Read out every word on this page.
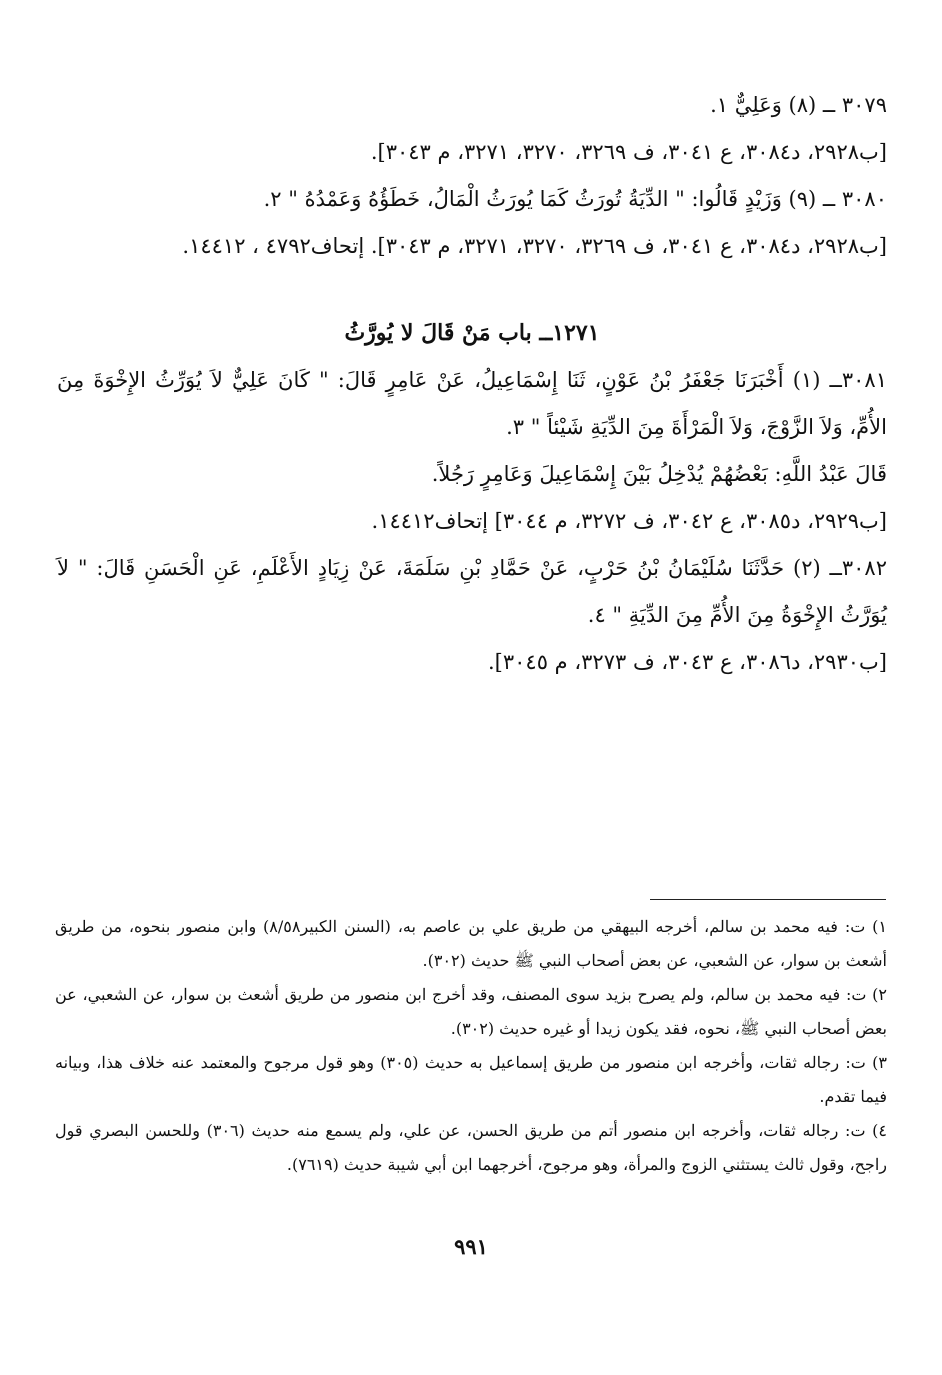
٣٠٧٩ ــ (٨) وَعَلِيٌّ ١.

[ب٢٩٢٨، د٣٠٨٤، ع ٣٠٤١، ف ٣٢٦٩، ٣٢٧٠، ٣٢٧١، م ٣٠٤٣].

٣٠٨٠ ــ (٩) وَزَيْدٍ قَالُوا: " الدِّيَةُ تُورَثُ كَمَا يُورَثُ الْمَالُ، خَطَؤُهُ وَعَمْدُهُ " ٢.

[ب٢٩٢٨، د٣٠٨٤، ع ٣٠٤١، ف ٣٢٦٩، ٣٢٧٠، ٣٢٧١، م ٣٠٤٣]. إتحاف٤٧٩٢ ، ١٤٤١٢.

١٢٧١ــ باب مَنْ قَالَ لا يُورَّثُ

٣٠٨١ــ (١) أَخْبَرَنَا جَعْفَرُ بْنُ عَوْنٍ، ثَنَا إِسْمَاعِيلُ، عَنْ عَامِرٍ قَالَ: " كَانَ عَلِيٌّ لاَ يُوَرِّثُ الإِخْوَةَ مِنَ الأُمِّ، وَلاَ الزَّوْجَ، وَلاَ الْمَرْأَةَ مِنَ الدِّيَةِ شَيْئاً " ٣.

قَالَ عَبْدُ اللَّهِ: بَعْضُهُمْ يُدْخِلُ بَيْنَ إِسْمَاعِيلَ وَعَامِرٍ رَجُلاً.

[ب٢٩٢٩، د٣٠٨٥، ع ٣٠٤٢، ف ٣٢٧٢، م ٣٠٤٤] إتحاف١٤٤١٢.

٣٠٨٢ــ (٢) حَدَّثَنَا سُلَيْمَانُ بْنُ حَرْبٍ، عَنْ حَمَّادِ بْنِ سَلَمَةَ، عَنْ زِيَادٍ الأَعْلَمِ، عَنِ الْحَسَنِ قَالَ: " لاَ يُوَرَّثُ الإِخْوَةُ مِنَ الأُمِّ مِنَ الدِّيَةِ " ٤.

[ب٢٩٣٠، د٣٠٨٦، ع ٣٠٤٣، ف ٣٢٧٣، م ٣٠٤٥].

١) ت: فيه محمد بن سالم، أخرجه البيهقي من طريق علي بن عاصم به، (السنن الكبير٨/٥٨) وابن منصور بنحوه، من طريق أشعث بن سوار، عن الشعبي، عن بعض أصحاب النبي ﷺ حديث (٣٠٢).

٢) ت: فيه محمد بن سالم، ولم يصرح بزيد سوى المصنف، وقد أخرج ابن منصور من طريق أشعث بن سوار، عن الشعبي، عن بعض أصحاب النبي ﷺ، نحوه، فقد يكون زيدا أو غيره حديث (٣٠٢).

٣) ت: رجاله ثقات، وأخرجه ابن منصور من طريق إسماعيل به حديث (٣٠٥) وهو قول مرجوح والمعتمد عنه خلاف هذا، وبيانه فيما تقدم.

٤) ت: رجاله ثقات، وأخرجه ابن منصور أتم من طريق الحسن، عن علي، ولم يسمع منه حديث (٣٠٦) وللحسن البصري قول راجح، وقول ثالث يستثني الزوج والمرأة، وهو مرجوح، أخرجهما ابن أبي شيبة حديث (٧٦١٩).

٩٩١
